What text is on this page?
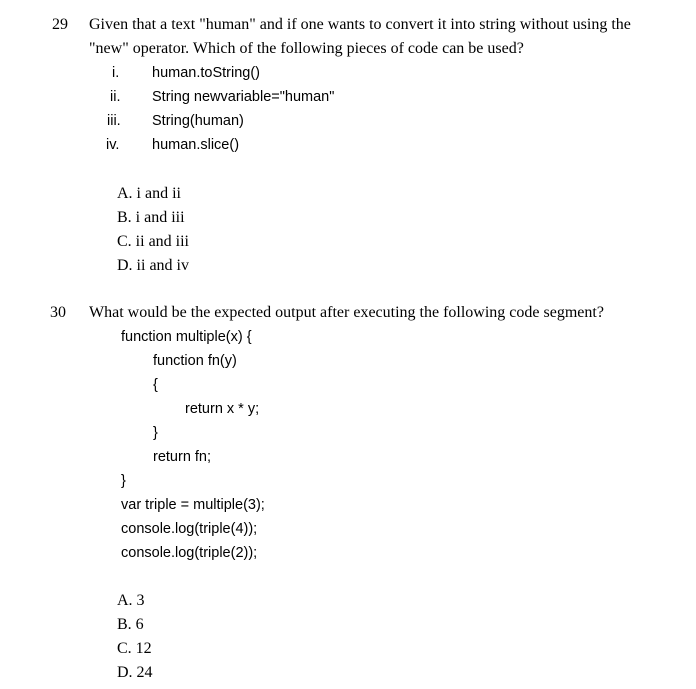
29 Given that a text "human" and if one wants to convert it into string without using the
"new" operator. Which of the following pieces of code can be used?
i. human.toString()
ii. String newvariable="human"
iii. String(human)
iv. human.slice()
A. i and ii
B. i and iii
C. ii and iii
D. ii and iv
30 What would be the expected output after executing the following code segment?
function multiple(x) {
function fn(y)
{
return x * y;
}
return fn;
}
var triple = multiple(3);
console.log(triple(4));
console.log(triple(2));
A. 3
B. 6
C. 12
D. 24
